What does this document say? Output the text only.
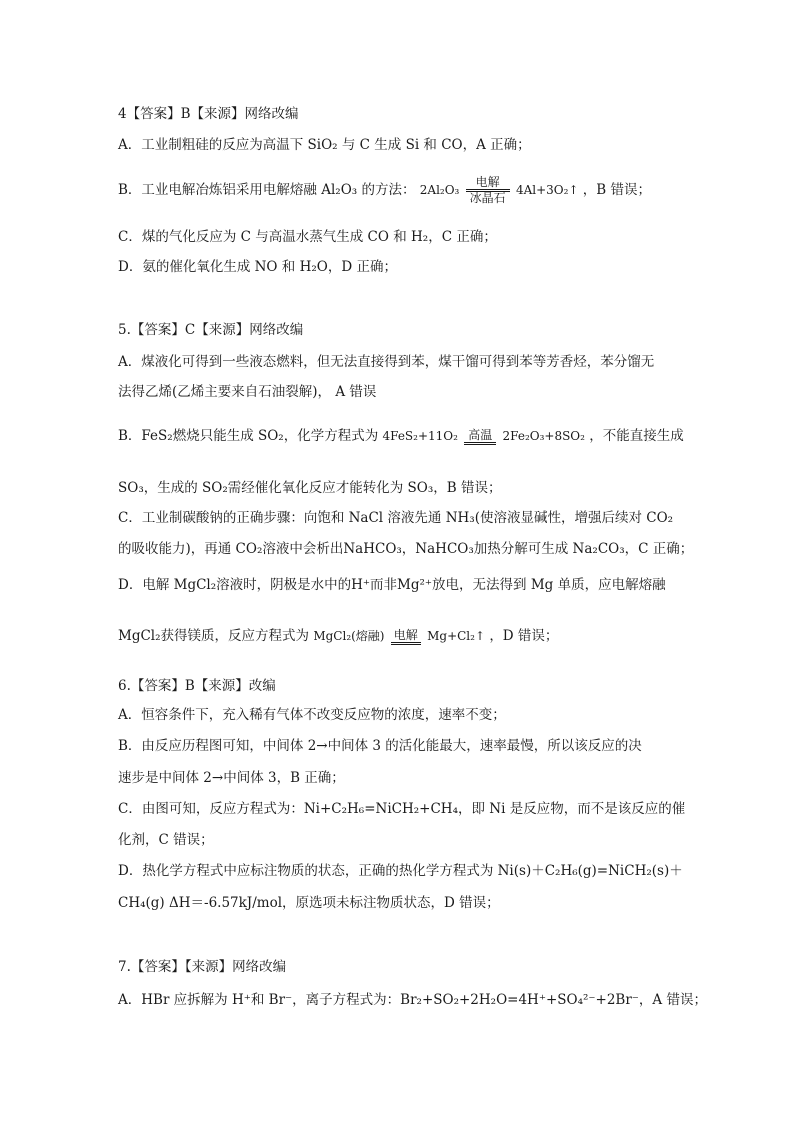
4【答案】B【来源】网络改编
A．工业制粗硅的反应为高温下 SiO₂ 与 C 生成 Si 和 CO，A 正确；
B．工业电解冶炼铝采用电解熔融 Al₂O₃ 的方法： 2Al₂O₃
电解
冰晶石
4Al+3O₂↑ ，B 错误；
C．煤的气化反应为 C 与高温水蒸气生成 CO 和 H₂，C 正确；
D．氨的催化氧化生成 NO 和 H₂O，D 正确；
5.【答案】C【来源】网络改编
A．煤液化可得到一些液态燃料，但无法直接得到苯，煤干馏可得到苯等芳香烃，苯分馏无
法得乙烯(乙烯主要来自石油裂解)， A 错误
B．FeS₂燃烧只能生成 SO₂，化学方程式为 4FeS₂+11O₂ 高温 2Fe₂O₃+8SO₂ ，不能直接生成
SO₃，生成的 SO₂需经催化氧化反应才能转化为 SO₃，B 错误；
C．工业制碳酸钠的正确步骤：向饱和 NaCl 溶液先通 NH₃(使溶液显碱性，增强后续对 CO₂
的吸收能力)，再通 CO₂溶液中会析出NaHCO₃，NaHCO₃加热分解可生成 Na₂CO₃，C 正确；
D．电解 MgCl₂溶液时，阴极是水中的H⁺而非Mg²⁺放电，无法得到 Mg 单质，应电解熔融
MgCl₂获得镁质，反应方程式为 MgCl₂(熔融) 电解 Mg+Cl₂↑ ，D 错误；
6.【答案】B【来源】改编
A．恒容条件下，充入稀有气体不改变反应物的浓度，速率不变；
B．由反应历程图可知，中间体 2→中间体 3 的活化能最大，速率最慢，所以该反应的决
速步是中间体 2→中间体 3，B 正确；
C．由图可知，反应方程式为：Ni+C₂H₆=NiCH₂+CH₄，即 Ni 是反应物，而不是该反应的催
化剂，C 错误；
D．热化学方程式中应标注物质的状态，正确的热化学方程式为 Ni(s)＋C₂H₆(g)=NiCH₂(s)＋
CH₄(g) ΔH＝-6.57kJ/mol，原选项未标注物质状态，D 错误；
7.【答案】【来源】网络改编
A．HBr 应拆解为 H⁺和 Br⁻，离子方程式为：Br₂+SO₂+2H₂O=4H⁺+SO₄²⁻+2Br⁻，A 错误；
